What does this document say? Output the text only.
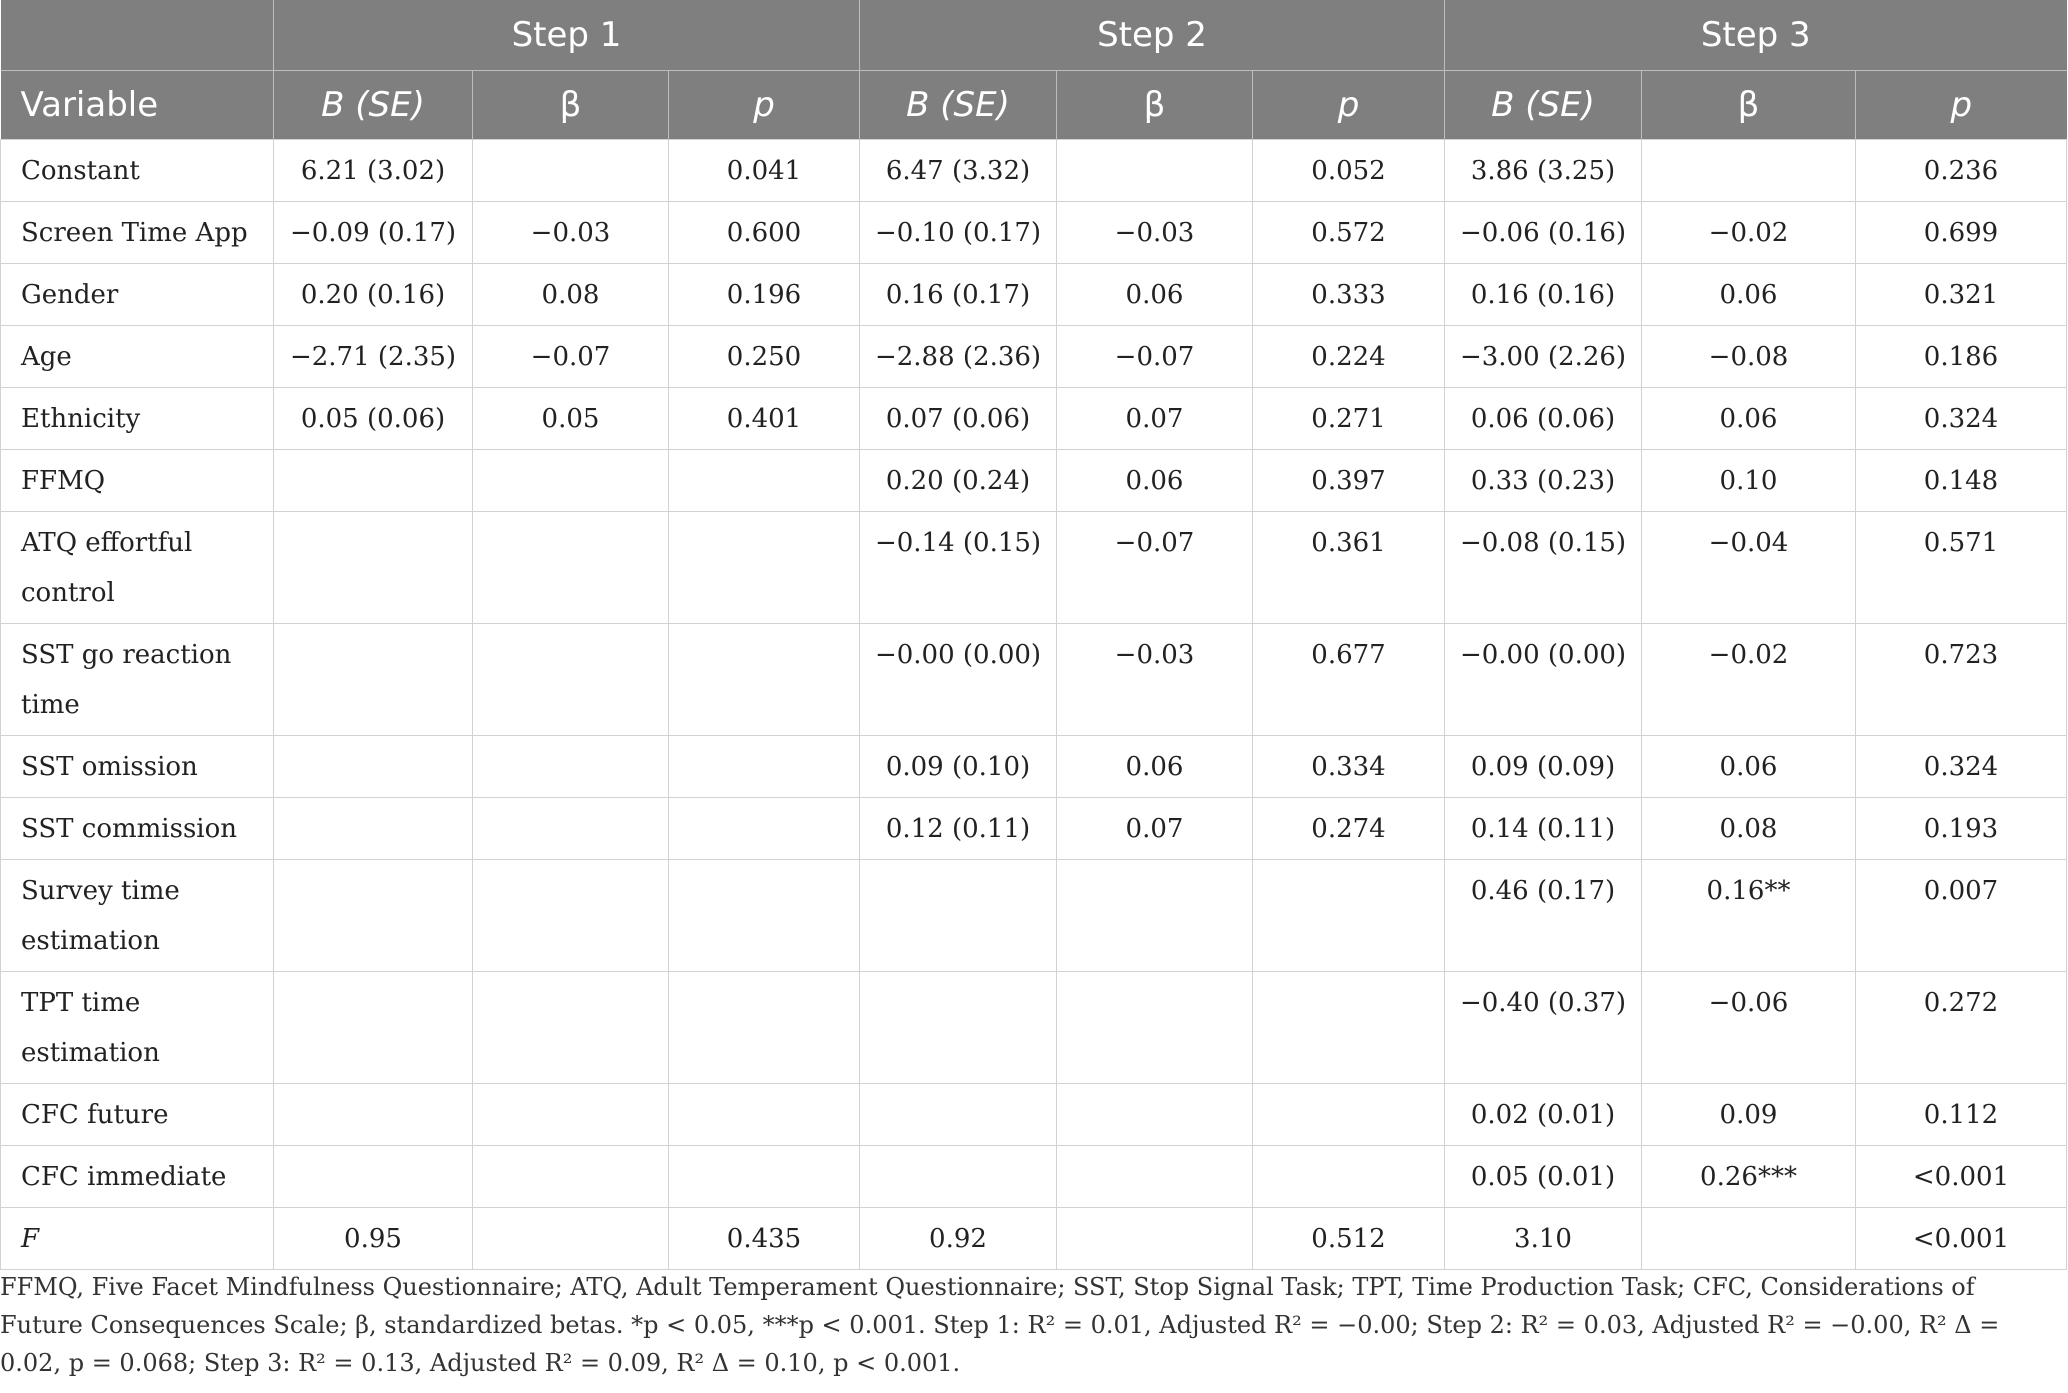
	Step 1			Step 2			Step 3		
Variable	B (SE)	β	p	B (SE)	β	p	B (SE)	β	p
Constant	6.21 (3.02)		0.041	6.47 (3.32)		0.052	3.86 (3.25)		0.236
Screen Time App	−0.09 (0.17)	−0.03	0.600	−0.10 (0.17)	−0.03	0.572	−0.06 (0.16)	−0.02	0.699
Gender	0.20 (0.16)	0.08	0.196	0.16 (0.17)	0.06	0.333	0.16 (0.16)	0.06	0.321
Age	−2.71 (2.35)	−0.07	0.250	−2.88 (2.36)	−0.07	0.224	−3.00 (2.26)	−0.08	0.186
Ethnicity	0.05 (0.06)	0.05	0.401	0.07 (0.06)	0.07	0.271	0.06 (0.06)	0.06	0.324
FFMQ				0.20 (0.24)	0.06	0.397	0.33 (0.23)	0.10	0.148
ATQ effortful control				−0.14 (0.15)	−0.07	0.361	−0.08 (0.15)	−0.04	0.571
SST go reaction time				−0.00 (0.00)	−0.03	0.677	−0.00 (0.00)	−0.02	0.723
SST omission				0.09 (0.10)	0.06	0.334	0.09 (0.09)	0.06	0.324
SST commission				0.12 (0.11)	0.07	0.274	0.14 (0.11)	0.08	0.193
Survey time estimation							0.46 (0.17)	0.16**	0.007
TPT time estimation							−0.40 (0.37)	−0.06	0.272
CFC future							0.02 (0.01)	0.09	0.112
CFC immediate							0.05 (0.01)	0.26***	<0.001
F	0.95		0.435	0.92		0.512	3.10		<0.001
FFMQ, Five Facet Mindfulness Questionnaire; ATQ, Adult Temperament Questionnaire; SST, Stop Signal Task; TPT, Time Production Task; CFC, Considerations of Future Consequences Scale; β, standardized betas. *p < 0.05, ***p < 0.001. Step 1: R² = 0.01, Adjusted R² = −0.00; Step 2: R² = 0.03, Adjusted R² = −0.00, R² Δ = 0.02, p = 0.068; Step 3: R² = 0.13, Adjusted R² = 0.09, R² Δ = 0.10, p < 0.001.
